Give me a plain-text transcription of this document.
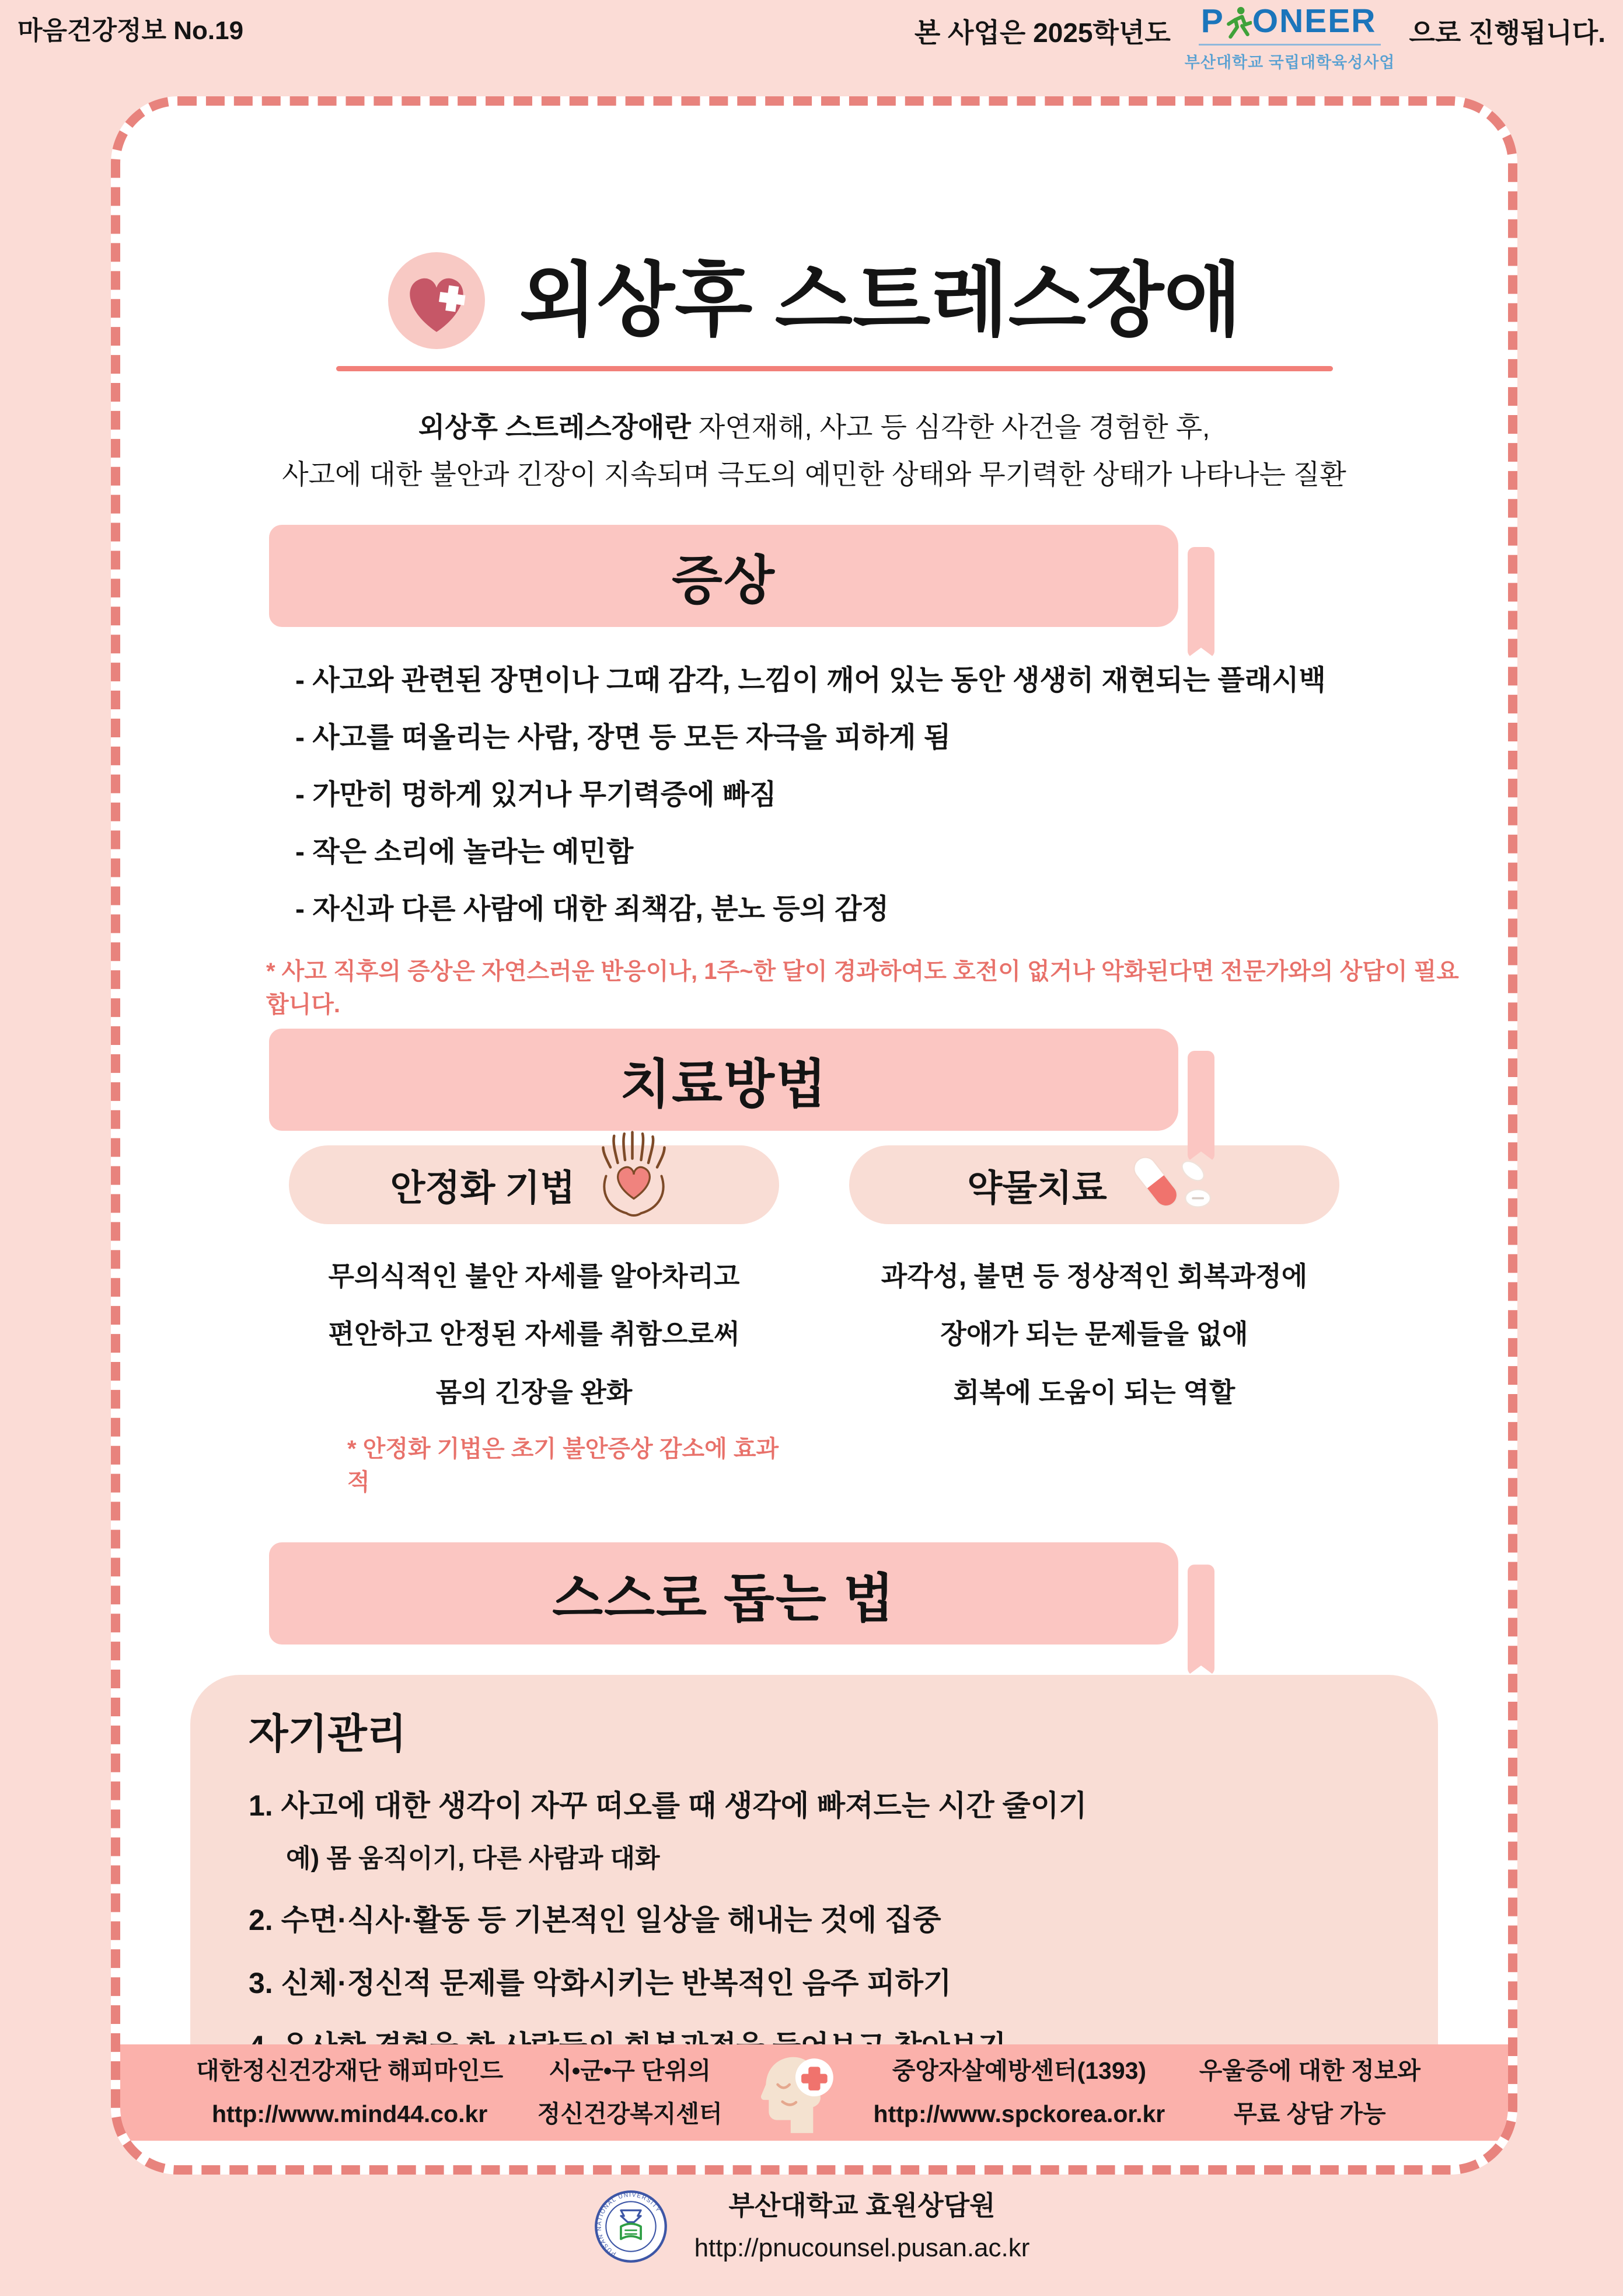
마음건강정보 No.19	본 사업은 2025학년도 P ONEER
부산대학교 국립대학육성사업
으로 진행됩니다.
외상후 스트레스장애

외상후 스트레스장애란 자연재해, 사고 등 심각한 사건을 경험한 후,
사고에 대한 불안과 긴장이 지속되며 극도의 예민한 상태와 무기력한 상태가 나타나는 질환

증상
- 사고와 관련된 장면이나 그때 감각, 느낌이 깨어 있는 동안 생생히 재현되는 플래시백
- 사고를 떠올리는 사람, 장면 등 모든 자극을 피하게 됨
- 가만히 멍하게 있거나 무기력증에 빠짐
- 작은 소리에 놀라는 예민함
- 자신과 다른 사람에 대한 죄책감, 분노 등의 감정

* 사고 직후의 증상은 자연스러운 반응이나, 1주~한 달이 경과하여도 호전이 없거나 악화된다면 전문가와의 상담이 필요합니다.

치료방법
안정화 기법
무의식적인 불안 자세를 알아차리고
편안하고 안정된 자세를 취함으로써
몸의 긴장을 완화

* 안정화 기법은 초기 불안증상 감소에 효과적

약물치료
과각성, 불면 등 정상적인 회복과정에
장애가 되는 문제들을 없애
회복에 도움이 되는 역할
스스로 돕는 법
자기관리
1. 사고에 대한 생각이 자꾸 떠오를 때 생각에 빠져드는 시간 줄이기
예) 몸 움직이기, 다른 사람과 대화
2. 수면·식사·활동 등 기본적인 일상을 해내는 것에 집중
3. 신체·정신적 문제를 악화시키는 반복적인 음주 피하기
대한정신건강재단 해피마인드
http://www.mind44.co.kr
시•군•구 단위의
정신건강복지센터
중앙자살예방센터(1393)
http://www.spckorea.or.kr
우울증에 대한 정보와
무료 상담 가능
PUSAN NATIONAL UNIVERSITY	부산대학교 효원상담원
http://pnucounsel.pusan.ac.kr
